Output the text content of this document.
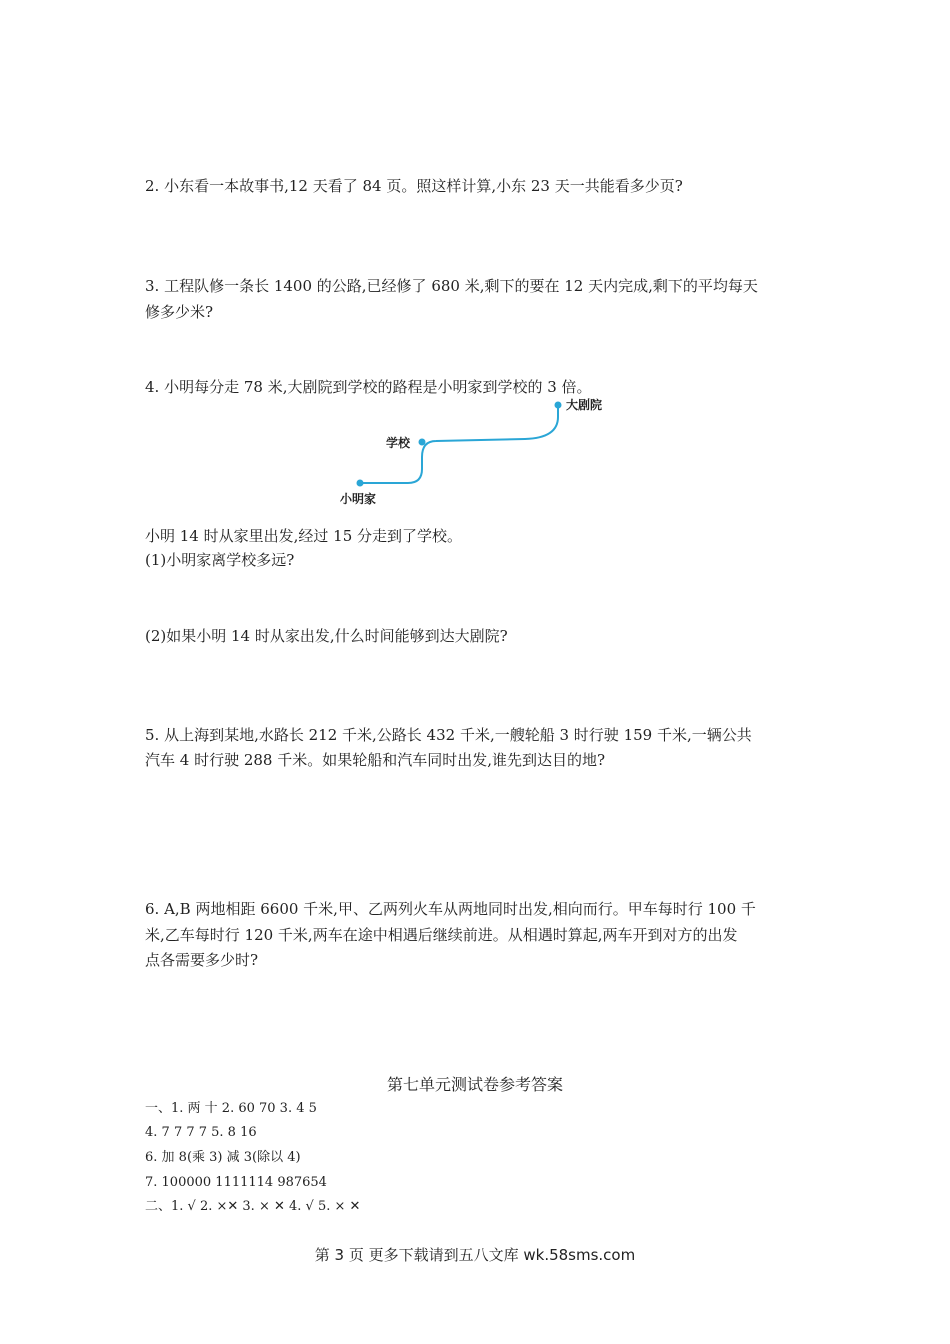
2. 小东看一本故事书,12 天看了 84 页。照这样计算,小东 23 天一共能看多少页?
3. 工程队修一条长 1400 的公路,已经修了 680 米,剩下的要在 12 天内完成,剩下的平均每天
修多少米?
4. 小明每分走 78 米,大剧院到学校的路程是小明家到学校的 3 倍。
小明家
学校
大剧院
小明 14 时从家里出发,经过 15 分走到了学校。
(1)小明家离学校多远?
(2)如果小明 14 时从家出发,什么时间能够到达大剧院?
5. 从上海到某地,水路长 212 千米,公路长 432 千米,一艘轮船 3 时行驶 159 千米,一辆公共
汽车 4 时行驶 288 千米。如果轮船和汽车同时出发,谁先到达目的地?
6. A,B 两地相距 6600 千米,甲、乙两列火车从两地同时出发,相向而行。甲车每时行 100 千
米,乙车每时行 120 千米,两车在途中相遇后继续前进。从相遇时算起,两车开到对方的出发
点各需要多少时?
第七单元测试卷参考答案
一、1. 两 十 2. 60 70 3. 4 5
4. 7 7 7 7 5. 8 16
6. 加 8(乘 3) 减 3(除以 4)
7. 100000 1111114 987654
二、1. √ 2. ×✕ 3. × ✕ 4. √ 5. × ✕
第 3 页 更多下载请到五八文库 wk.58sms.com
